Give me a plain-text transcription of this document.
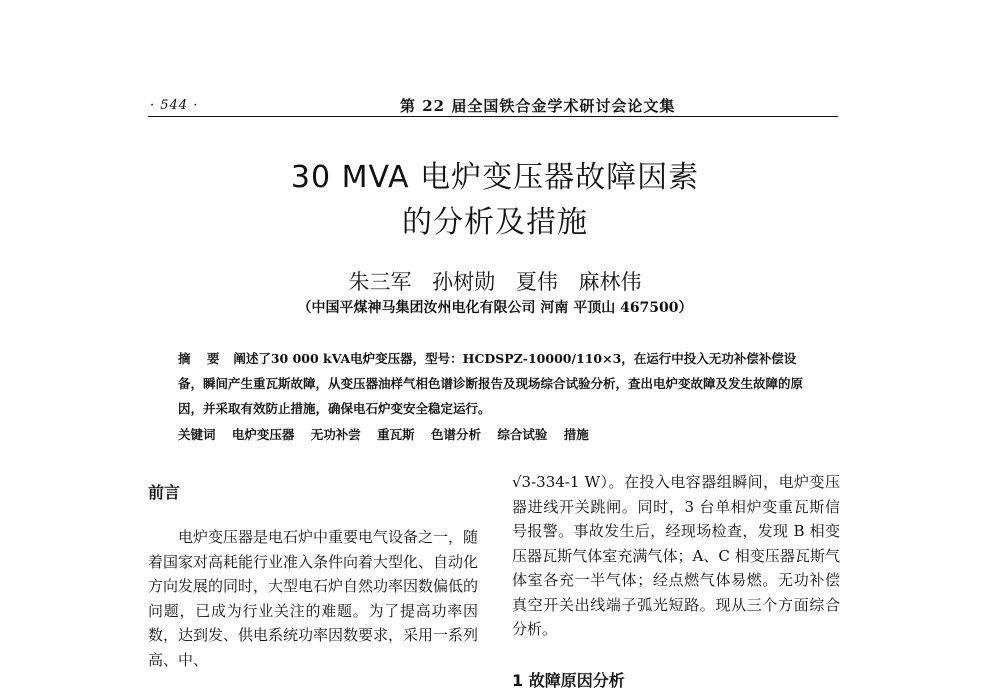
· 544 ·	第 22 届全国铁合金学术研讨会论文集
30 MVA 电炉变压器故障因素
的分析及措施
朱三军 孙树勋 夏伟 麻林伟
（中国平煤神马集团汝州电化有限公司 河南 平顶山 467500）
摘 要 阐述了30 000 kVA电炉变压器，型号：HCDSPZ-10000/110×3，在运行中投入无功补偿补偿设备，瞬间产生重瓦斯故障，从变压器油样气相色谱诊断报告及现场综合试验分析，查出电炉变故障及发生故障的原因，并采取有效防止措施，确保电石炉变安全稳定运行。
关键词 电炉变压器 无功补尝 重瓦斯 色谱分析 综合试验 措施
前言

电炉变压器是电石炉中重要电气设备之一，随着国家对高耗能行业准入条件向着大型化、自动化方向发展的同时，大型电石炉自然功率因数偏低的问题，已成为行业关注的难题。为了提高功率因数，达到发、供电系统功率因数要求，采用一系列高、中、

√3-334-1 W）。在投入电容器组瞬间，电炉变压器进线开关跳闸。同时，3 台单相炉变重瓦斯信号报警。事故发生后，经现场检查，发现 B 相变压器瓦斯气体室充满气体；A、C 相变压器瓦斯气体室各充一半气体；经点燃气体易燃。无功补偿真空开关出线端子弧光短路。现从三个方面综合分析。

1 故障原因分析
